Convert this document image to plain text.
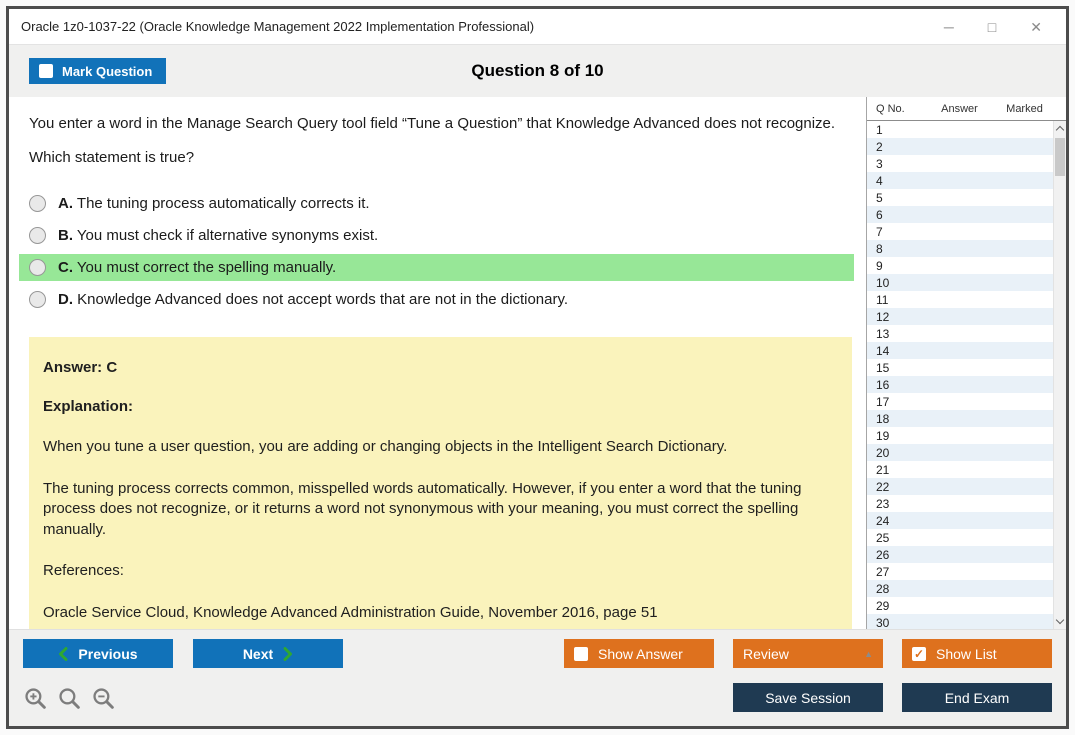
Oracle 1z0-1037-22 (Oracle Knowledge Management 2022 Implementation Professional)	─ □ ✕
Question 8 of 10
Mark Question
You enter a word in the Manage Search Query tool field “Tune a Question” that Knowledge Advanced does not recognize.
Which statement is true?
A. The tuning process automatically corrects it.
B. You must check if alternative synonyms exist.
C. You must correct the spelling manually.
D. Knowledge Advanced does not accept words that are not in the dictionary.
Answer: C
Explanation:

When you tune a user question, you are adding or changing objects in the Intelligent Search Dictionary.

The tuning process corrects common, misspelled words automatically. However, if you enter a word that the tuning process does not recognize, or it returns a word not synonymous with your meaning, you must correct the spelling manually.

References:

Oracle Service Cloud, Knowledge Advanced Administration Guide, November 2016, page 51

Q No.	Answer	Marked
1
2
3
4
5
6
7
8
9
10
11
12
13
14
15
16
17
18
19
20
21
22
23
24
25
26
27
28
29
30
Previous	Next	Show Answer	Review	▲	✓ Show List
Save Session	End Exam
